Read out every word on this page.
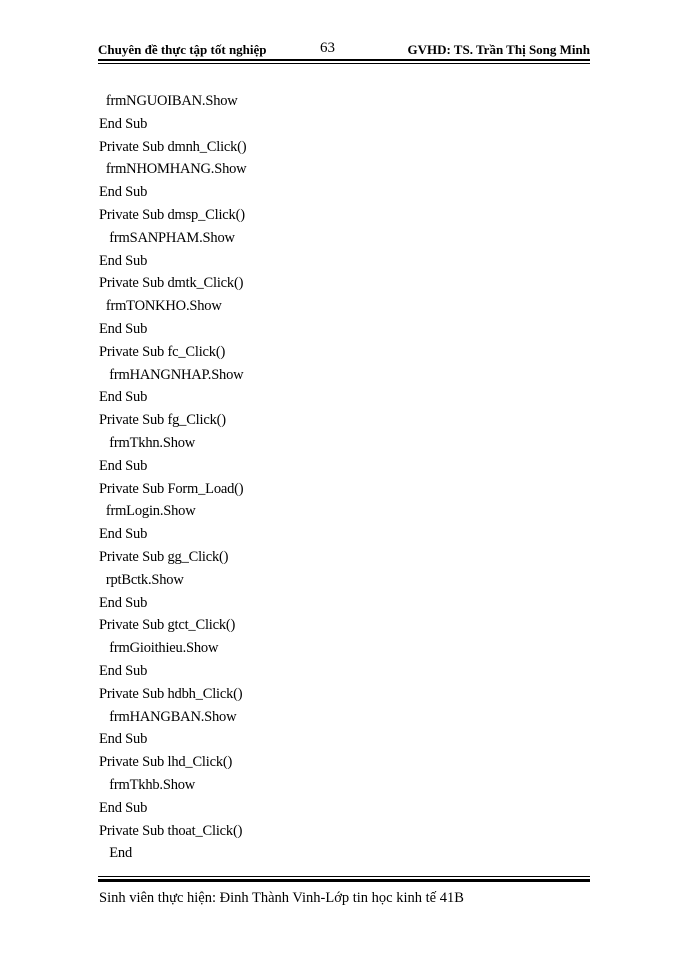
Chuyên đề thực tập tốt nghiệp	63	GVHD: TS. Trần Thị Song Minh
frmNGUOIBAN.Show
End Sub
Private Sub dmnh_Click()
frmNHOMHANG.Show
End Sub
Private Sub dmsp_Click()
frmSANPHAM.Show
End Sub
Private Sub dmtk_Click()
frmTONKHO.Show
End Sub
Private Sub fc_Click()
frmHANGNHAP.Show
End Sub
Private Sub fg_Click()
frmTkhn.Show
End Sub
Private Sub Form_Load()
frmLogin.Show
End Sub
Private Sub gg_Click()
rptBctk.Show
End Sub
Private Sub gtct_Click()
frmGioithieu.Show
End Sub
Private Sub hdbh_Click()
frmHANGBAN.Show
End Sub
Private Sub lhd_Click()
frmTkhb.Show
End Sub
Private Sub thoat_Click()
End
Sinh viên thực hiện: Đinh Thành Vinh-Lớp tin học kinh tế 41B
